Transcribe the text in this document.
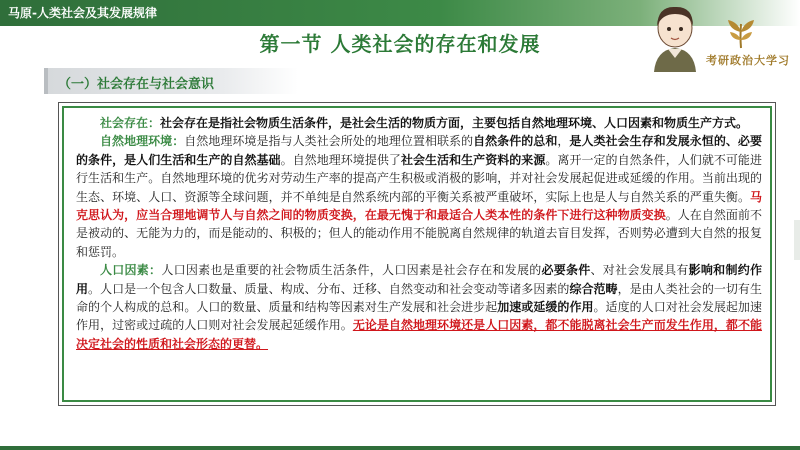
马原-人类社会及其发展规律
第一节 人类社会的存在和发展
考研政治大学习
（一）社会存在与社会意识

社会存在：社会存在是指社会物质生活条件，是社会生活的物质方面，主要包括自然地理环境、人口因素和物质生产方式。

自然地理环境：自然地理环境是指与人类社会所处的地理位置相联系的自然条件的总和，是人类社会生存和发展永恒的、必要的条件，是人们生活和生产的自然基础。自然地理环境提供了社会生活和生产资料的来源。离开一定的自然条件，人们就不可能进行生活和生产。自然地理环境的优劣对劳动生产率的提高产生积极或消极的影响，并对社会发展起促进或延缓的作用。当前出现的生态、环境、人口、资源等全球问题，并不单纯是自然系统内部的平衡关系被严重破坏，实际上也是人与自然关系的严重失衡。马克思认为，应当合理地调节人与自然之间的物质变换，在最无愧于和最适合人类本性的条件下进行这种物质变换。人在自然面前不是被动的、无能为力的，而是能动的、积极的；但人的能动作用不能脱离自然规律的轨道去盲目发挥，否则势必遭到大自然的报复和惩罚。

人口因素：人口因素也是重要的社会物质生活条件，人口因素是社会存在和发展的必要条件、对社会发展具有影响和制约作用。人口是一个包含人口数量、质量、构成、分布、迁移、自然变动和社会变动等诸多因素的综合范畴，是由人类社会的一切有生命的个人构成的总和。人口的数量、质量和结构等因素对生产发展和社会进步起加速或延缓的作用。适度的人口对社会发展起加速作用，过密或过疏的人口则对社会发展起延缓作用。无论是自然地理环境还是人口因素，都不能脱离社会生产而发生作用，都不能决定社会的性质和社会形态的更替。
